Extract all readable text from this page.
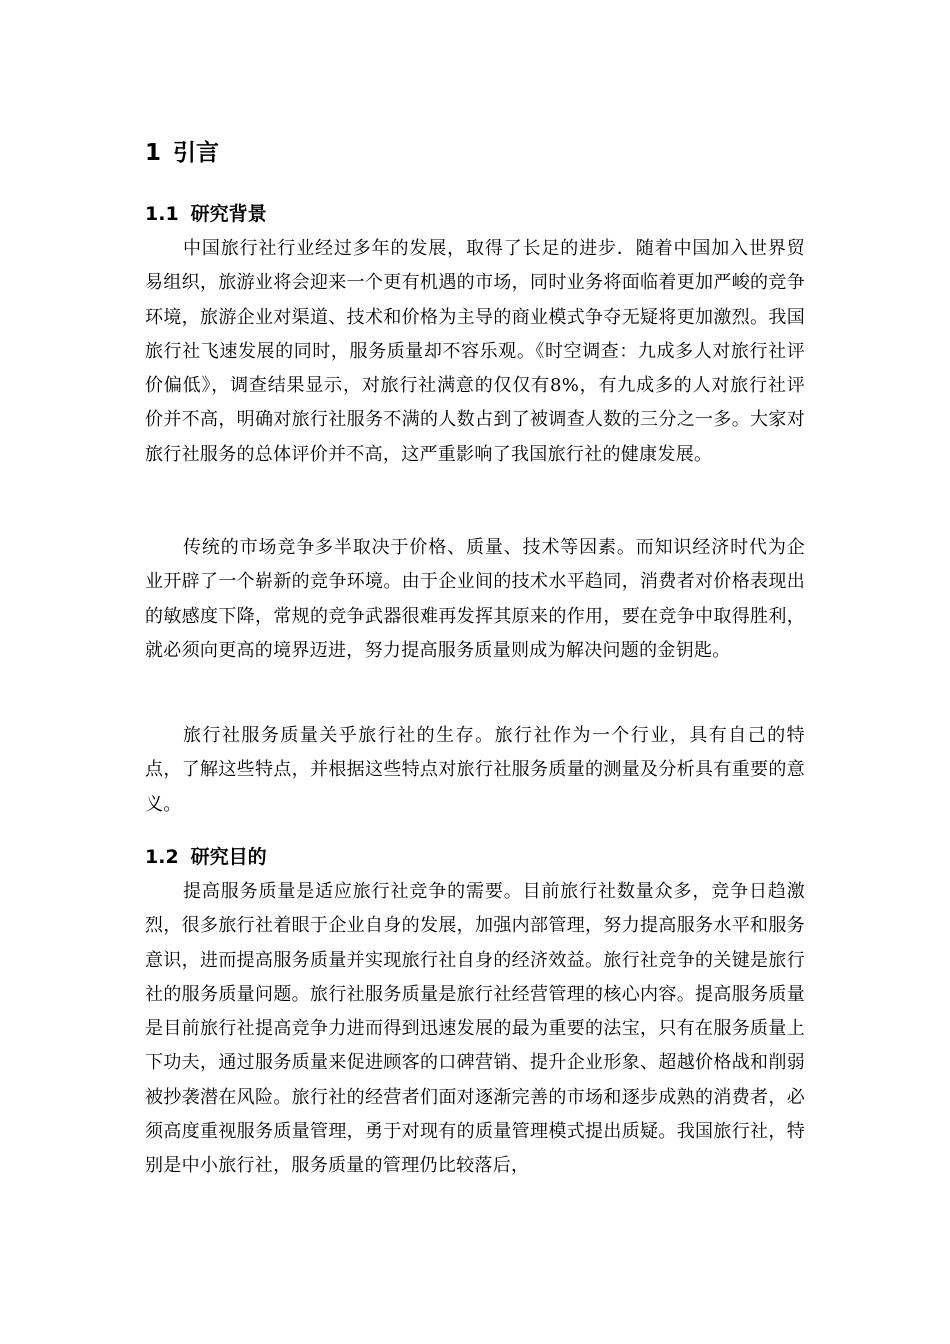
1 引言
1.1 研究背景

中国旅行社行业经过多年的发展，取得了长足的进步．随着中国加入世界贸易组织，旅游业将会迎来一个更有机遇的市场，同时业务将面临着更加严峻的竞争环境，旅游企业对渠道、技术和价格为主导的商业模式争夺无疑将更加激烈。我国旅行社飞速发展的同时，服务质量却不容乐观。《时空调查：九成多人对旅行社评价偏低》，调查结果显示，对旅行社满意的仅仅有8%，有九成多的人对旅行社评价并不高，明确对旅行社服务不满的人数占到了被调查人数的三分之一多。大家对旅行社服务的总体评价并不高，这严重影响了我国旅行社的健康发展。

传统的市场竞争多半取决于价格、质量、技术等因素。而知识经济时代为企业开辟了一个崭新的竞争环境。由于企业间的技术水平趋同，消费者对价格表现出的敏感度下降，常规的竞争武器很难再发挥其原来的作用，要在竞争中取得胜利，就必须向更高的境界迈进，努力提高服务质量则成为解决问题的金钥匙。

旅行社服务质量关乎旅行社的生存。旅行社作为一个行业，具有自己的特点，了解这些特点，并根据这些特点对旅行社服务质量的测量及分析具有重要的意义。

1.2 研究目的

提高服务质量是适应旅行社竞争的需要。目前旅行社数量众多，竞争日趋激烈，很多旅行社着眼于企业自身的发展，加强内部管理，努力提高服务水平和服务意识，进而提高服务质量并实现旅行社自身的经济效益。旅行社竞争的关键是旅行社的服务质量问题。旅行社服务质量是旅行社经营管理的核心内容。提高服务质量是目前旅行社提高竞争力进而得到迅速发展的最为重要的法宝，只有在服务质量上下功夫，通过服务质量来促进顾客的口碑营销、提升企业形象、超越价格战和削弱被抄袭潜在风险。旅行社的经营者们面对逐渐完善的市场和逐步成熟的消费者，必须高度重视服务质量管理，勇于对现有的质量管理模式提出质疑。我国旅行社，特别是中小旅行社，服务质量的管理仍比较落后，
